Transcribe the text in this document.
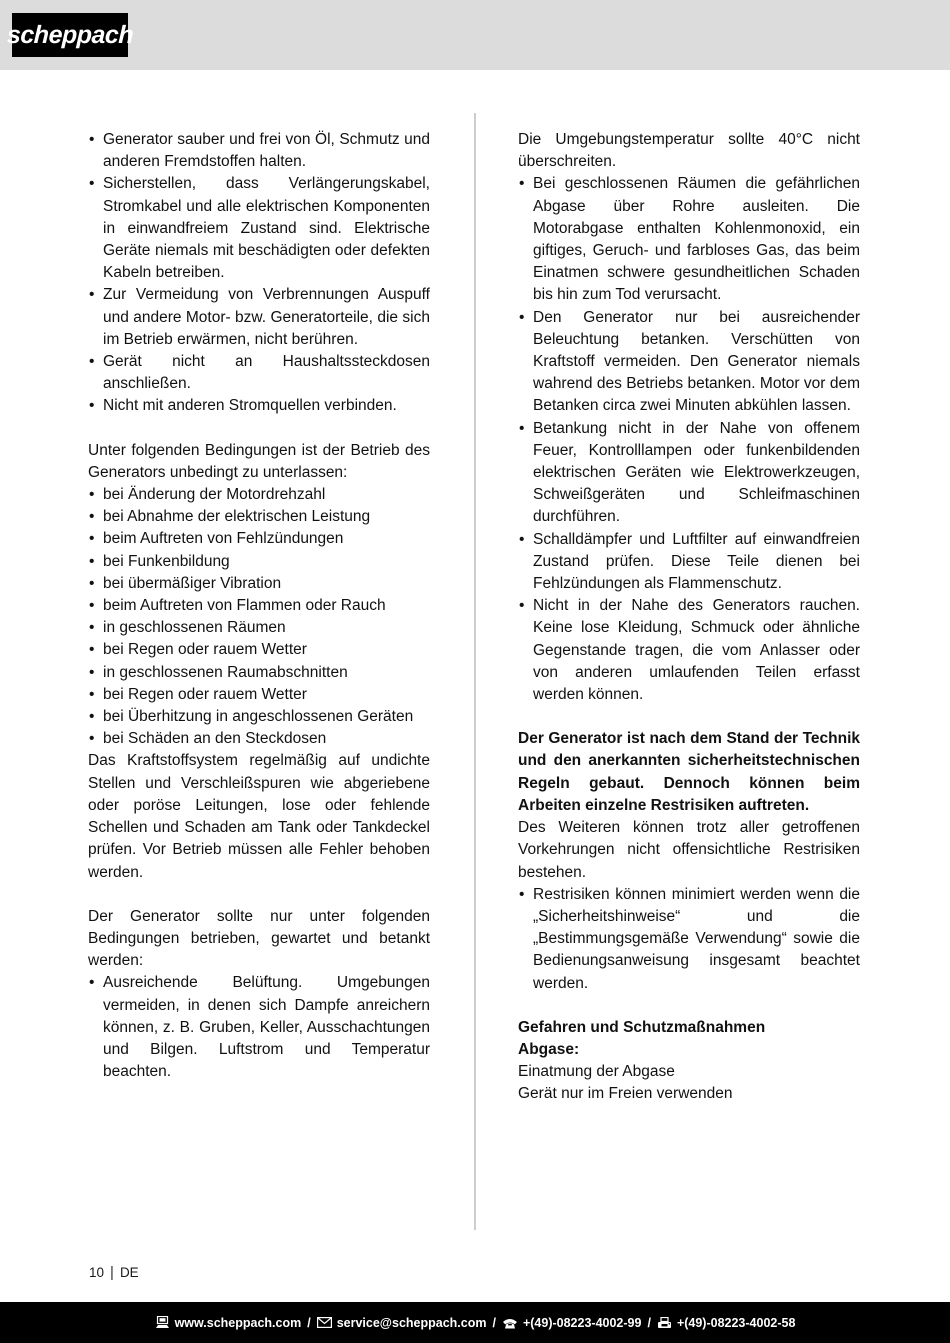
scheppach
• Generator sauber und frei von Öl, Schmutz und anderen Fremdstoffen halten.
• Sicherstellen, dass Verlängerungskabel, Stromkabel und alle elektrischen Komponenten in einwandfreiem Zustand sind. Elektrische Geräte niemals mit beschädigten oder defekten Kabeln betreiben.
• Zur Vermeidung von Verbrennungen Auspuff und andere Motor- bzw. Generatorteile, die sich im Betrieb erwärmen, nicht berühren.
• Gerät nicht an Haushaltssteckdosen anschließen.
• Nicht mit anderen Stromquellen verbinden.

Unter folgenden Bedingungen ist der Betrieb des Generators unbedingt zu unterlassen:

• bei Änderung der Motordrehzahl
• bei Abnahme der elektrischen Leistung
• beim Auftreten von Fehlzündungen
• bei Funkenbildung
• bei übermäßiger Vibration
• beim Auftreten von Flammen oder Rauch
• in geschlossenen Räumen
• bei Regen oder rauem Wetter
• in geschlossenen Raumabschnitten
• bei Regen oder rauem Wetter
• bei Überhitzung in angeschlossenen Geräten
• bei Schäden an den Steckdosen

Das Kraftstoffsystem regelmäßig auf undichte Stellen und Verschleißspuren wie abgeriebene oder poröse Leitungen, lose oder fehlende Schellen und Schaden am Tank oder Tankdeckel prüfen. Vor Betrieb müssen alle Fehler behoben werden.

Der Generator sollte nur unter folgenden Bedingungen betrieben, gewartet und betankt werden:

• Ausreichende Belüftung. Umgebungen vermeiden, in denen sich Dampfe anreichern können, z. B. Gruben, Keller, Ausschachtungen und Bilgen. Luftstrom und Temperatur beachten.

Die Umgebungstemperatur sollte 40°C nicht überschreiten.

• Bei geschlossenen Räumen die gefährlichen Abgase über Rohre ausleiten. Die Motorabgase enthalten Kohlenmonoxid, ein giftiges, Geruch- und farbloses Gas, das beim Einatmen schwere gesundheitlichen Schaden bis hin zum Tod verursacht.
• Den Generator nur bei ausreichender Beleuchtung betanken. Verschütten von Kraftstoff vermeiden. Den Generator niemals wahrend des Betriebs betanken. Motor vor dem Betanken circa zwei Minuten abkühlen lassen.
• Betankung nicht in der Nahe von offenem Feuer, Kontrolllampen oder funkenbildenden elektrischen Geräten wie Elektrowerkzeugen, Schweißgeräten und Schleifmaschinen durchführen.
• Schalldämpfer und Luftfilter auf einwandfreien Zustand prüfen. Diese Teile dienen bei Fehlzündungen als Flammenschutz.
• Nicht in der Nahe des Generators rauchen. Keine lose Kleidung, Schmuck oder ähnliche Gegenstande tragen, die vom Anlasser oder von anderen umlaufenden Teilen erfasst werden können.

Der Generator ist nach dem Stand der Technik und den anerkannten sicherheitstechnischen Regeln gebaut. Dennoch können beim Arbeiten einzelne Restrisiken auftreten.

Des Weiteren können trotz aller getroffenen Vorkehrungen nicht offensichtliche Restrisiken bestehen.

• Restrisiken können minimiert werden wenn die „Sicherheitshinweise“ und die „Bestimmungsgemäße Verwendung“ sowie die Bedienungsanweisung insgesamt beachtet werden.

Gefahren und Schutzmaßnahmen

Abgase:

Einatmung der Abgase

Gerät nur im Freien verwenden

10 | DE
www.scheppach.com / service@scheppach.com / +(49)-08223-4002-99 / +(49)-08223-4002-58
